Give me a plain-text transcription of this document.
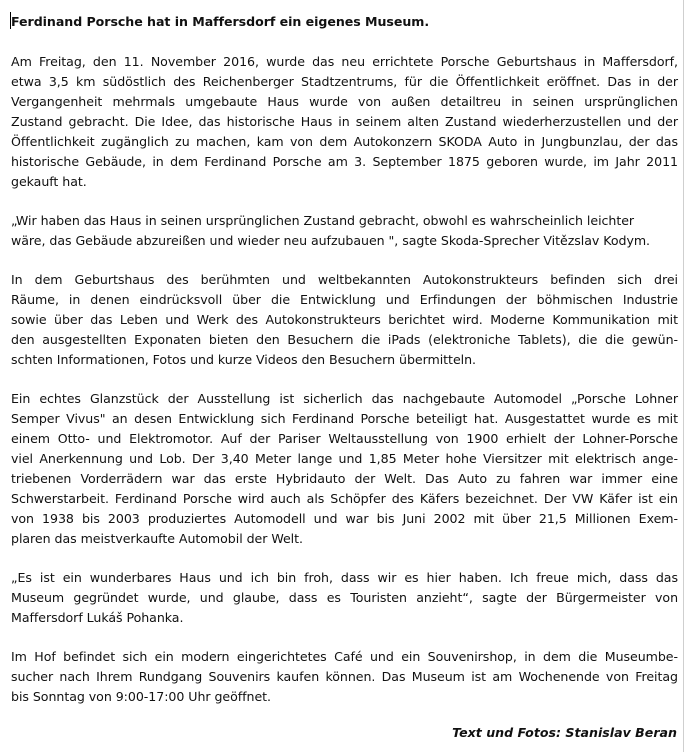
Ferdinand Porsche hat in Maffersdorf ein eigenes Museum.
Am Freitag, den 11. November 2016, wurde das neu errichtete Porsche Geburtshaus in Maffersdorf,
etwa 3,5 km südöstlich des Reichenberger Stadtzentrums, für die Öffentlichkeit eröffnet. Das in der
Vergangenheit mehrmals umgebaute Haus wurde von außen detailtreu in seinen ursprünglichen
Zustand gebracht. Die Idee, das historische Haus in seinem alten Zustand wiederherzustellen und der
Öffentlichkeit zugänglich zu machen, kam von dem Autokonzern SKODA Auto in Jungbunzlau, der das
historische Gebäude, in dem Ferdinand Porsche am 3. September 1875 geboren wurde, im Jahr 2011
gekauft hat.
„Wir haben das Haus in seinen ursprünglichen Zustand gebracht, obwohl es wahrscheinlich leichter
wäre, das Gebäude abzureißen und wieder neu aufzubauen ", sagte Skoda-Sprecher Vitězslav Kodym.
In dem Geburtshaus des berühmten und weltbekannten Autokonstrukteurs befinden sich drei
Räume, in denen eindrücksvoll über die Entwicklung und Erfindungen der böhmischen Industrie
sowie über das Leben und Werk des Autokonstrukteurs berichtet wird. Moderne Kommunikation mit
den ausgestellten Exponaten bieten den Besuchern die iPads (elektroniche Tablets), die die gewün-
schten Informationen, Fotos und kurze Videos den Besuchern übermitteln.
Ein echtes Glanzstück der Ausstellung ist sicherlich das nachgebaute Automodel „Porsche Lohner
Semper Vivus" an desen Entwicklung sich Ferdinand Porsche beteiligt hat. Ausgestattet wurde es mit
einem Otto- und Elektromotor. Auf der Pariser Weltausstellung von 1900 erhielt der Lohner-Porsche
viel Anerkennung und Lob. Der 3,40 Meter lange und 1,85 Meter hohe Viersitzer mit elektrisch ange-
triebenen Vorderrädern war das erste Hybridauto der Welt. Das Auto zu fahren war immer eine
Schwerstarbeit. Ferdinand Porsche wird auch als Schöpfer des Käfers bezeichnet. Der VW Käfer ist ein
von 1938 bis 2003 produziertes Automodell und war bis Juni 2002 mit über 21,5 Millionen Exem-
plaren das meistverkaufte Automobil der Welt.
„Es ist ein wunderbares Haus und ich bin froh, dass wir es hier haben. Ich freue mich, dass das
Museum gegründet wurde, und glaube, dass es Touristen anzieht“, sagte der Bürgermeister von
Maffersdorf Lukáš Pohanka.
Im Hof befindet sich ein modern eingerichtetes Café und ein Souvenirshop, in dem die Museumbe-
sucher nach Ihrem Rundgang Souvenirs kaufen können. Das Museum ist am Wochenende von Freitag
bis Sonntag von 9:00-17:00 Uhr geöffnet.
Text und Fotos: Stanislav Beran
